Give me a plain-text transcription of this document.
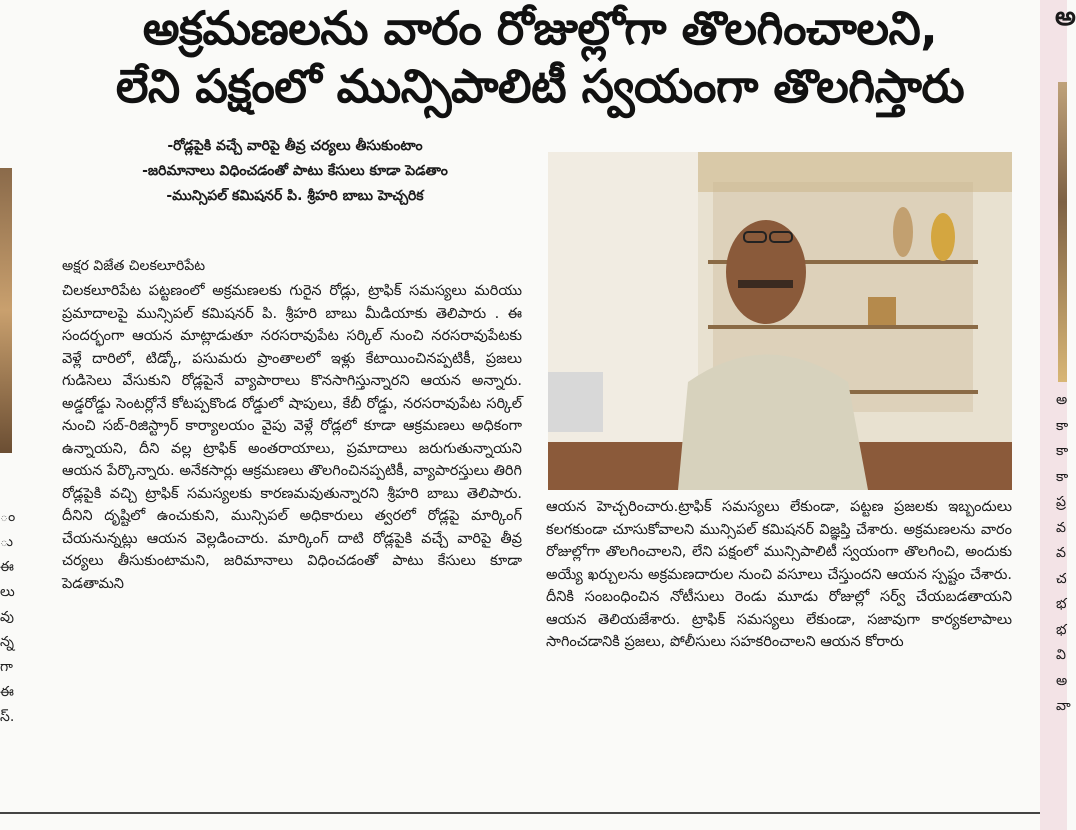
ం
ు
ఈ
లు
వు
న్న
గా
ఈ
స్.
అక్రమణలను వారం రోజుల్లోగా తొలగించాలని,
లేని పక్షంలో మున్సిపాలిటీ స్వయంగా తొలగిస్తారు
-రోడ్లపైకి వచ్చే వారిపై తీవ్ర చర్యలు తీసుకుంటాం
-జరిమానాలు విధించడంతో పాటు కేసులు కూడా పెడతాం
-మున్సిపల్ కమిషనర్ పి. శ్రీహరి బాబు హెచ్చరిక
అక్షర విజేత చిలకలూరిపేట
చిలకలూరిపేట పట్టణంలో అక్రమణలకు గురైన రోడ్లు, ట్రాఫిక్ సమస్యలు మరియు ప్రమాదాలపై మున్సిపల్ కమిషనర్ పి. శ్రీహరి బాబు మీడియాకు తెలిపారు . ఈ సందర్భంగా ఆయన మాట్లాడుతూ నరసరావుపేట సర్కిల్ నుంచి నరసరావుపేటకు వెళ్లే దారిలో, టిడ్కో, పసుమరు ప్రాంతాలలో ఇళ్లు కేటాయించినప్పటికీ, ప్రజలు గుడిసెలు వేసుకుని రోడ్లపైనే వ్యాపారాలు కొనసాగిస్తున్నారని ఆయన అన్నారు. అడ్డరోడ్డు సెంటర్లోనే కోటప్పకొండ రోడ్డులో షాపులు, కేబీ రోడ్డు, నరసరావుపేట సర్కిల్ నుంచి సబ్-రిజిస్ట్రార్ కార్యాలయం వైపు వెళ్లే రోడ్లలో కూడా ఆక్రమణలు అధికంగా ఉన్నాయని, దీని వల్ల ట్రాఫిక్ అంతరాయాలు, ప్రమాదాలు జరుగుతున్నాయని ఆయన పేర్కొన్నారు. అనేకసార్లు ఆక్రమణలు తొలగించినప్పటికీ, వ్యాపారస్తులు తిరిగి రోడ్లపైకి వచ్చి ట్రాఫిక్ సమస్యలకు కారణమవుతున్నారని శ్రీహరి బాబు తెలిపారు. దీనిని దృష్టిలో ఉంచుకుని, మున్సిపల్ అధికారులు త్వరలో రోడ్లపై మార్కింగ్ చేయనున్నట్లు ఆయన వెల్లడించారు. మార్కింగ్ దాటి రోడ్లపైకి వచ్చే వారిపై తీవ్ర చర్యలు తీసుకుంటామని, జరిమానాలు విధించడంతో పాటు కేసులు కూడా పెడతామని
ఆయన హెచ్చరించారు.ట్రాఫిక్ సమస్యలు లేకుండా, పట్టణ ప్రజలకు ఇబ్బందులు కలగకుండా చూసుకోవాలని మున్సిపల్ కమిషనర్ విజ్ఞప్తి చేశారు. అక్రమణలను వారం రోజుల్లోగా తొలగించాలని, లేని పక్షంలో మున్సిపాలిటీ స్వయంగా తొలగించి, అందుకు అయ్యే ఖర్చులను అక్రమణదారుల నుంచి వసూలు చేస్తుందని ఆయన స్పష్టం చేశారు. దీనికి సంబంధించిన నోటీసులు రెండు మూడు రోజుల్లో సర్వ్ చేయబడతాయని ఆయన తెలియజేశారు. ట్రాఫిక్ సమస్యలు లేకుండా, సజావుగా కార్యకలాపాలు సాగించడానికి ప్రజలు, పోలీసులు సహకరించాలని ఆయన కోరారు
అ
అ
కా
కా
కా
ప్ర
వ
వ
చ
భ
భ
వి
అ
వా
